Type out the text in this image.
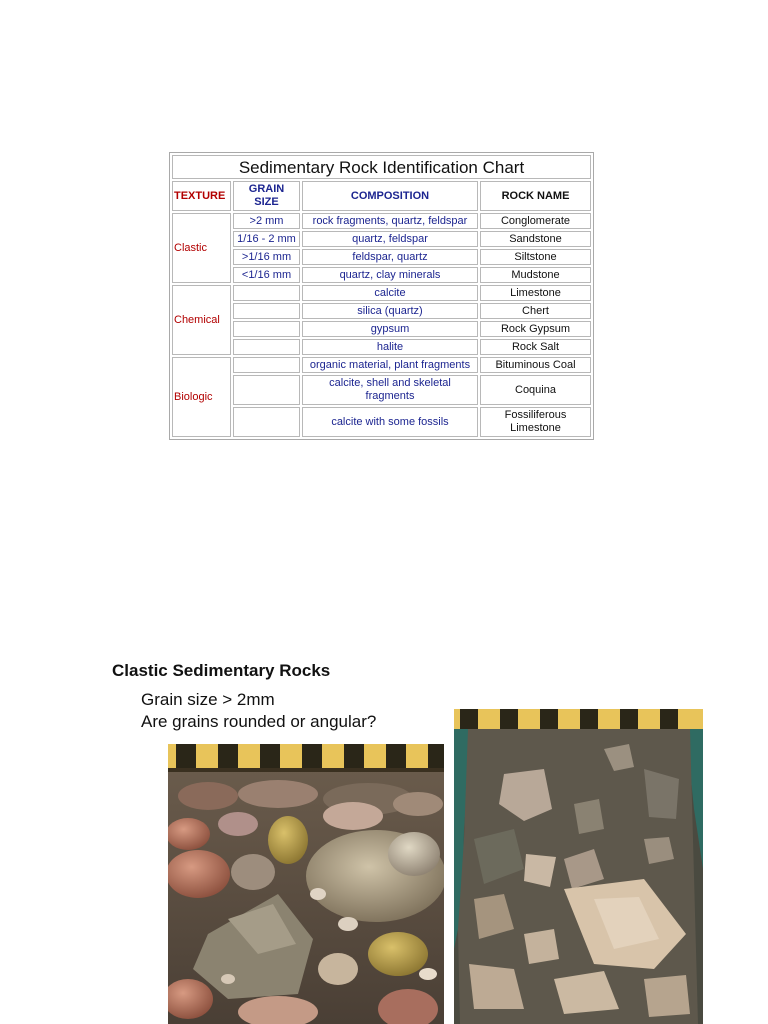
Sedimentary Rock Identification Chart			
TEXTURE	GRAIN SIZE	COMPOSITION	ROCK NAME
Clastic	>2 mm	rock fragments, quartz, feldspar	Conglomerate
	1/16 - 2 mm	quartz, feldspar	Sandstone
	>1/16 mm	feldspar, quartz	Siltstone
	<1/16 mm	quartz, clay minerals	Mudstone
Chemical		calcite	Limestone
		silica (quartz)	Chert
		gypsum	Rock Gypsum
		halite	Rock Salt
Biologic		organic material, plant fragments	Bituminous Coal
		calcite, shell and skeletal fragments	Coquina
		calcite with some fossils	Fossiliferous Limestone
Clastic Sedimentary Rocks

Grain size > 2mm

Are grains rounded or angular?
